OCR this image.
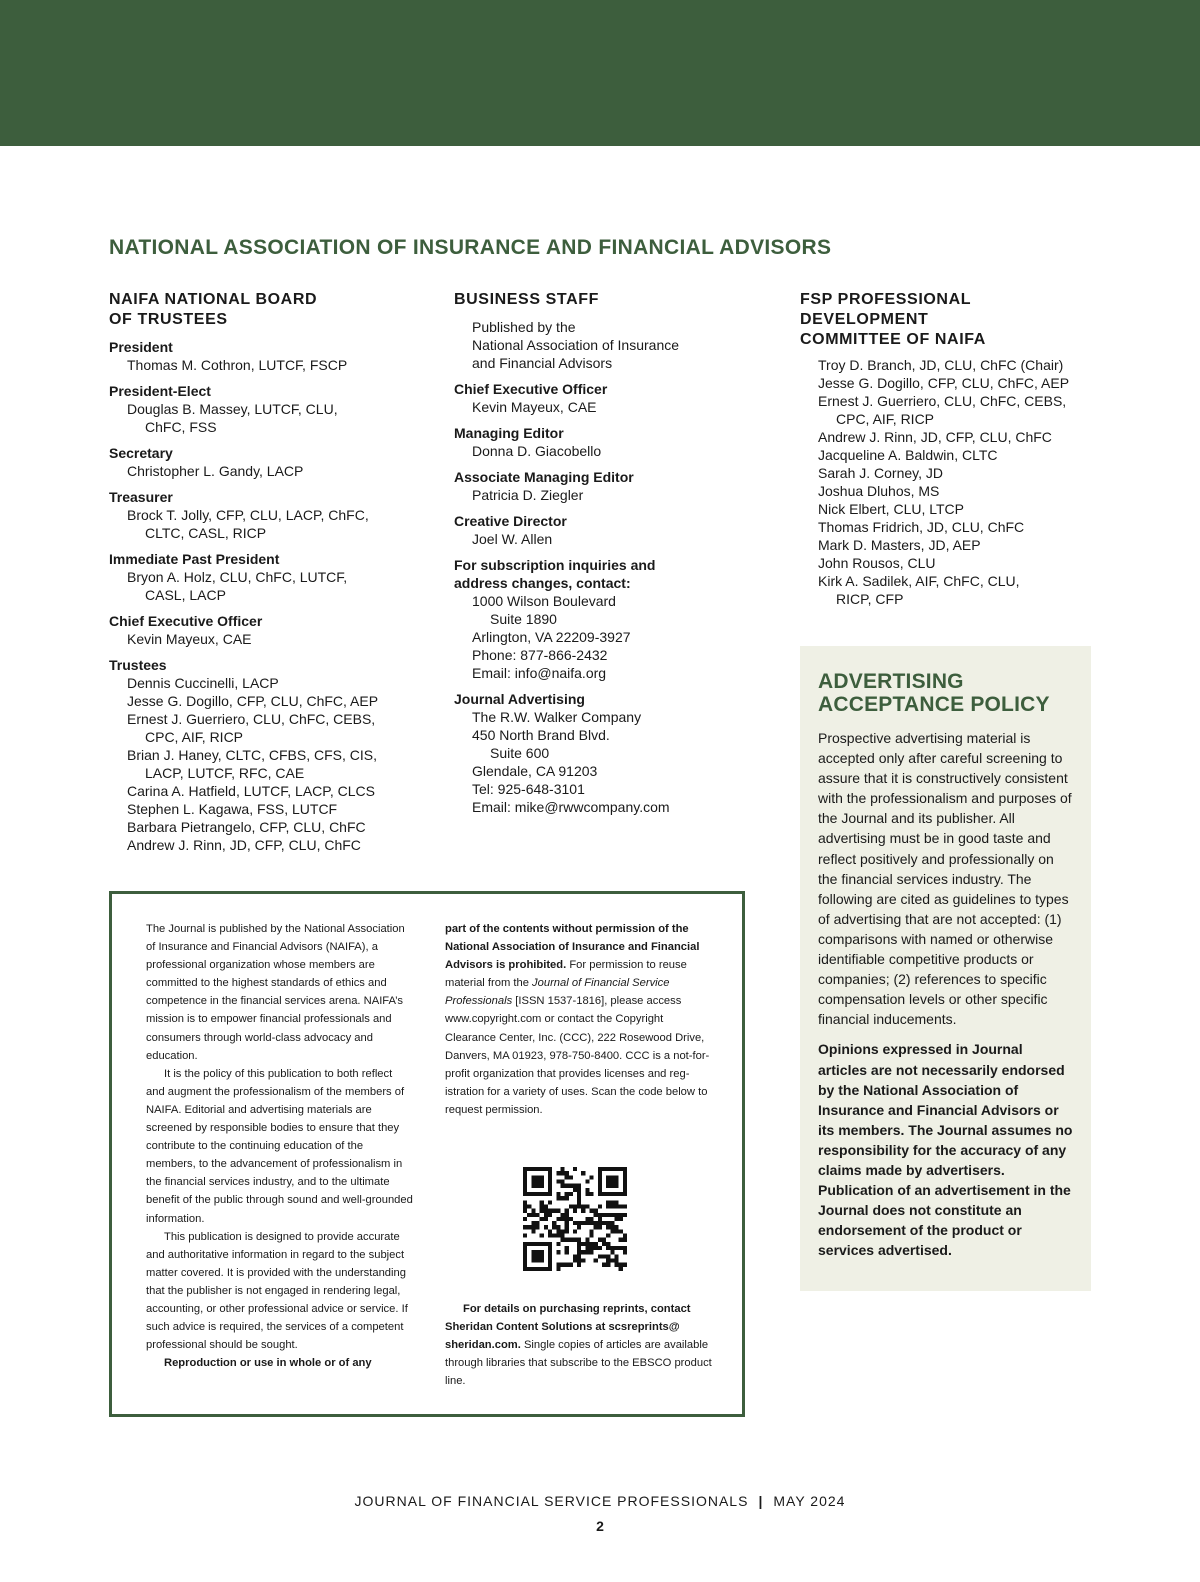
NATIONAL ASSOCIATION OF INSURANCE AND FINANCIAL ADVISORS
NAIFA NATIONAL BOARD
OF TRUSTEES
President
Thomas M. Cothron, LUTCF, FSCP
President-Elect
Douglas B. Massey, LUTCF, CLU,
ChFC, FSS
Secretary
Christopher L. Gandy, LACP
Treasurer
Brock T. Jolly, CFP, CLU, LACP, ChFC,
CLTC, CASL, RICP
Immediate Past President
Bryon A. Holz, CLU, ChFC, LUTCF,
CASL, LACP
Chief Executive Officer
Kevin Mayeux, CAE
Trustees
Dennis Cuccinelli, LACP
Jesse G. Dogillo, CFP, CLU, ChFC, AEP
Ernest J. Guerriero, CLU, ChFC, CEBS,
CPC, AIF, RICP
Brian J. Haney, CLTC, CFBS, CFS, CIS,
LACP, LUTCF, RFC, CAE
Carina A. Hatfield, LUTCF, LACP, CLCS
Stephen L. Kagawa, FSS, LUTCF
Barbara Pietrangelo, CFP, CLU, ChFC
Andrew J. Rinn, JD, CFP, CLU, ChFC
BUSINESS STAFF
Published by the
National Association of Insurance
and Financial Advisors
Chief Executive Officer
Kevin Mayeux, CAE
Managing Editor
Donna D. Giacobello
Associate Managing Editor
Patricia D. Ziegler
Creative Director
Joel W. Allen
For subscription inquiries and
address changes, contact:
1000 Wilson Boulevard
Suite 1890
Arlington, VA 22209-3927
Phone: 877-866-2432
Email: info@naifa.org
Journal Advertising
The R.W. Walker Company
450 North Brand Blvd.
Suite 600
Glendale, CA 91203
Tel: 925-648-3101
Email: mike@rwwcompany.com
FSP PROFESSIONAL DEVELOPMENT
COMMITTEE OF NAIFA
Troy D. Branch, JD, CLU, ChFC (Chair)
Jesse G. Dogillo, CFP, CLU, ChFC, AEP
Ernest J. Guerriero, CLU, ChFC, CEBS,
CPC, AIF, RICP
Andrew J. Rinn, JD, CFP, CLU, ChFC
Jacqueline A. Baldwin, CLTC
Sarah J. Corney, JD
Joshua Dluhos, MS
Nick Elbert, CLU, LTCP
Thomas Fridrich, JD, CLU, ChFC
Mark D. Masters, JD, AEP
John Rousos, CLU
Kirk A. Sadilek, AIF, ChFC, CLU,
RICP, CFP
ADVERTISING
ACCEPTANCE POLICY

Prospective advertising material is accepted only after careful screening to assure that it is constructively consistent with the professionalism and purposes of the Journal and its publisher. All advertising must be in good taste and reflect positively and professionally on the financial services industry. The following are cited as guidelines to types of advertising that are not accepted: (1) comparisons with named or otherwise identifiable competitive products or companies; (2) references to specific compensation levels or other specific financial inducements.

Opinions expressed in Journal articles are not necessarily endorsed by the National Association of Insurance and Financial Advisors or its members. The Journal assumes no responsibility for the accuracy of any claims made by advertisers. Publication of an advertisement in the Journal does not constitute an endorsement of the product or services advertised.

The Journal is published by the National Association of Insurance and Financial Advisors (NAIFA), a professional organization whose members are committed to the highest standards of ethics and competence in the financial services arena. NAIFA’s mission is to empower financial professionals and consumers through world-class advocacy and education.

It is the policy of this publication to both reflect and augment the professionalism of the members of NAIFA. Editorial and advertising materials are screened by responsible bodies to ensure that they contribute to the continuing education of the members, to the advancement of professionalism in the financial services industry, and to the ultimate benefit of the public through sound and well-grounded information.

This publication is designed to provide accurate and authoritative information in regard to the subject matter covered. It is provided with the understanding that the publisher is not engaged in rendering legal, accounting, or other professional advice or service. If such advice is required, the services of a competent professional should be sought.

Reproduction or use in whole or of any

part of the contents without permission of the National Association of Insurance and Financial Advisors is prohibited. For permission to reuse material from the Journal of Financial Service Professionals [ISSN 1537-1816], please access www.copyright.com or contact the Copyright Clearance Center, Inc. (CCC), 222 Rosewood Drive, Danvers, MA 01923, 978-750-8400. CCC is a not-for-profit organization that provides licenses and registration for a variety of uses. Scan the code below to request permission.

For details on purchasing reprints, contact Sheridan Content Solutions at scsreprints@ sheridan.com. Single copies of articles are available through libraries that subscribe to the EBSCO product line.

JOURNAL OF FINANCIAL SERVICE PROFESSIONALS | MAY 2024
2
